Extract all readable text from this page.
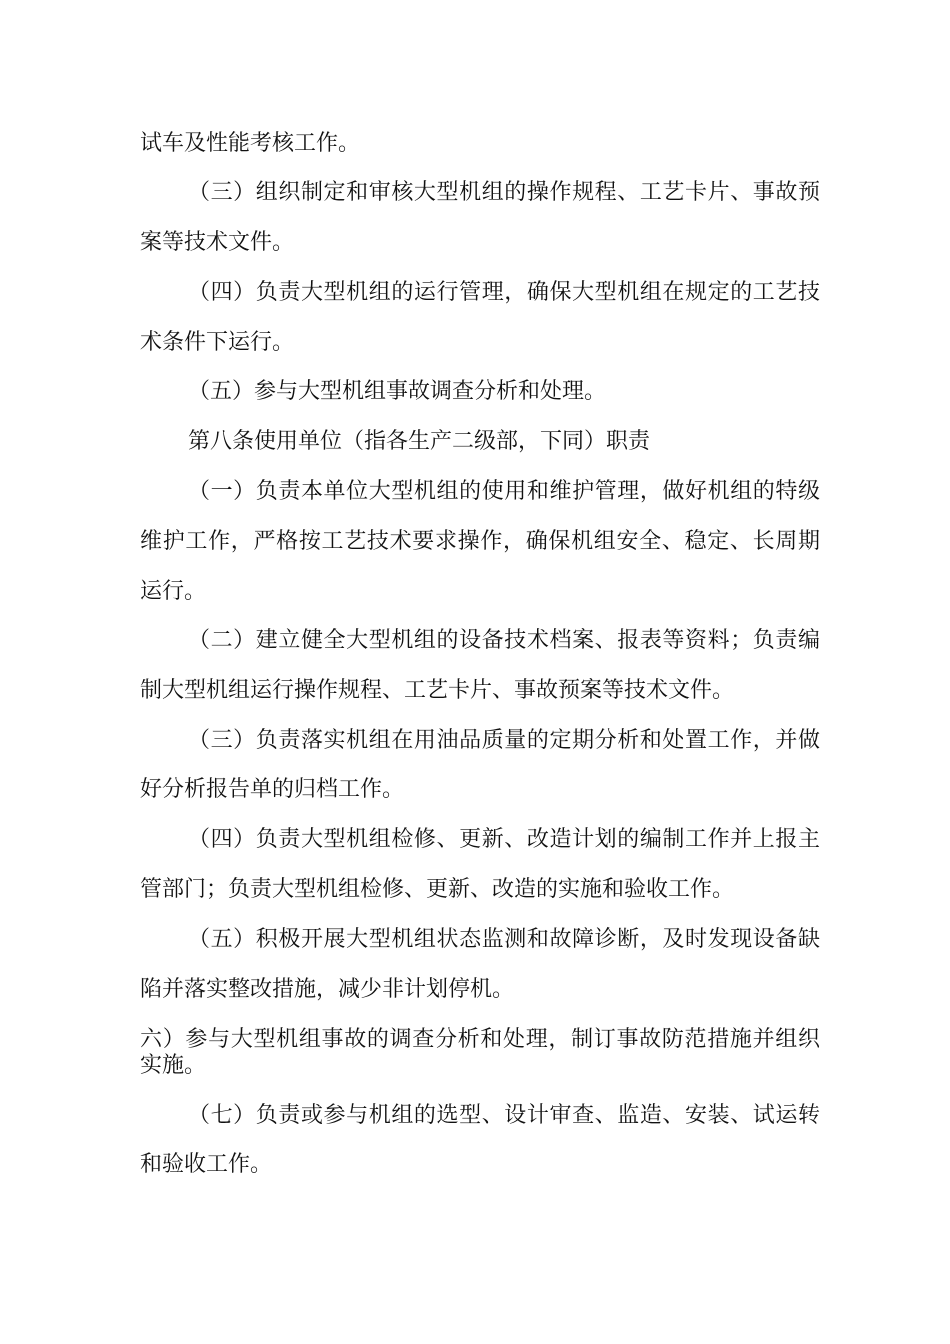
试车及性能考核工作。
（三）组织制定和审核大型机组的操作规程、工艺卡片、事故预
案等技术文件。
（四）负责大型机组的运行管理，确保大型机组在规定的工艺技
术条件下运行。
（五）参与大型机组事故调查分析和处理。
第八条使用单位（指各生产二级部，下同）职责
（一）负责本单位大型机组的使用和维护管理，做好机组的特级
维护工作，严格按工艺技术要求操作，确保机组安全、稳定、长周期
运行。
（二）建立健全大型机组的设备技术档案、报表等资料；负责编
制大型机组运行操作规程、工艺卡片、事故预案等技术文件。
（三）负责落实机组在用油品质量的定期分析和处置工作，并做
好分析报告单的归档工作。
（四）负责大型机组检修、更新、改造计划的编制工作并上报主
管部门；负责大型机组检修、更新、改造的实施和验收工作。
（五）积极开展大型机组状态监测和故障诊断，及时发现设备缺
陷并落实整改措施，减少非计划停机。
六）参与大型机组事故的调查分析和处理，制订事故防范措施并组织
实施。
（七）负责或参与机组的选型、设计审查、监造、安装、试运转
和验收工作。
